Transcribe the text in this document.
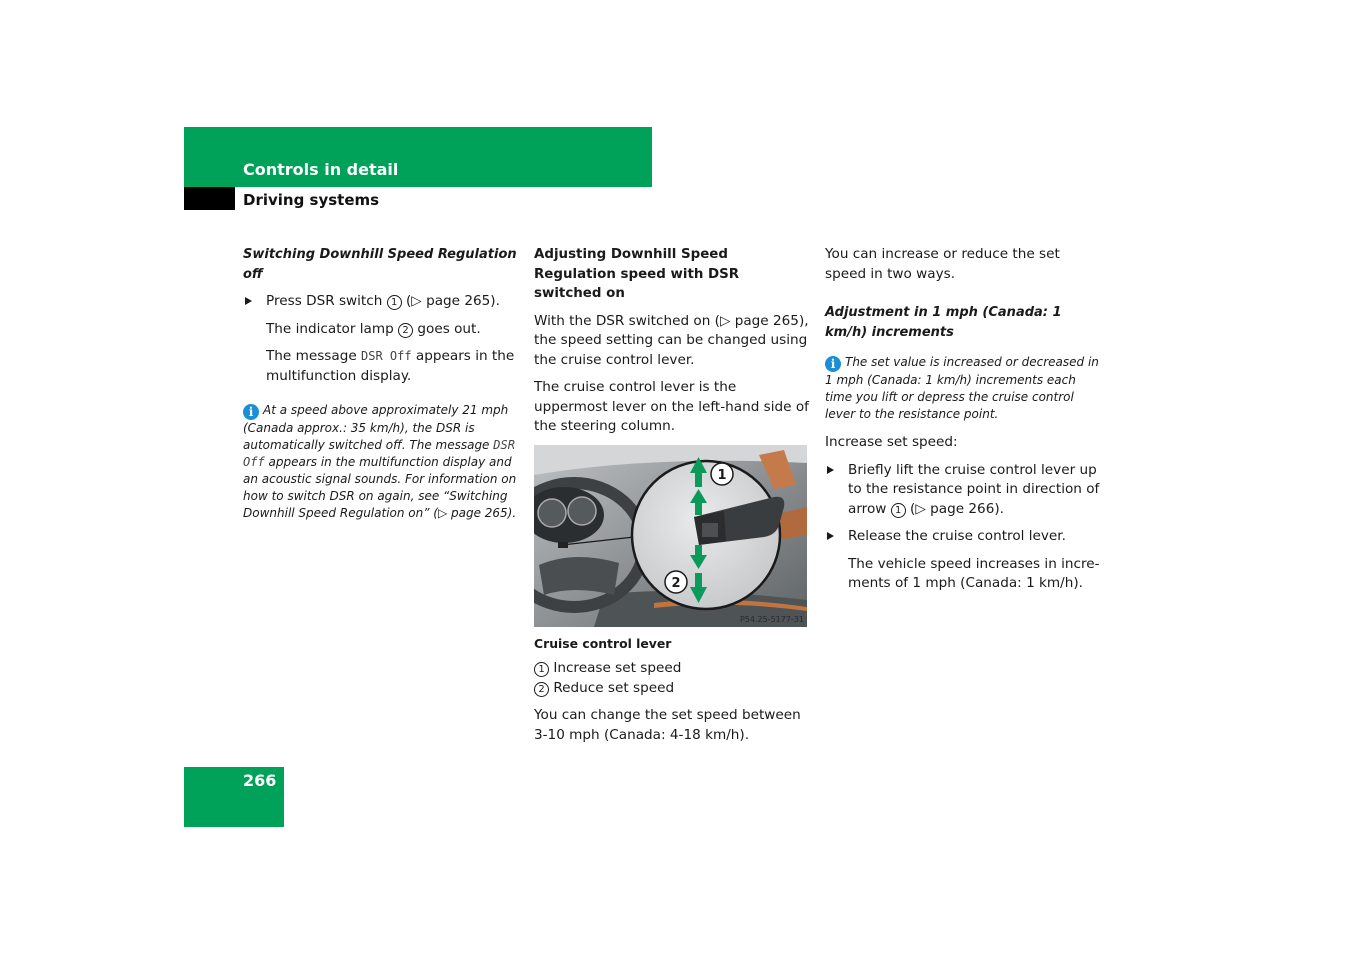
Controls in detail
Driving systems
Switching Downhill Speed Regulation off
Press DSR switch 1 (▷ page 265).
The indicator lamp 2 goes out.
The message DSR Off appears in the multifunction display.
i At a speed above approximately 21 mph (Canada approx.: 35 km/h), the DSR is automatically switched off. The message DSR Off appears in the multifunction display and an acoustic signal sounds. For information on how to switch DSR on again, see “Switching Downhill Speed Regulation on” (▷ page 265).
Adjusting Downhill Speed Regulation speed with DSR switched on

With the DSR switched on (▷ page 265), the speed setting can be changed using the cruise control lever.

The cruise control lever is the uppermost lever on the left-hand side of the steering column.

1
2
P54.25-5177-31
Cruise control lever
1 Increase set speed
2 Reduce set speed

You can change the set speed between 3-10 mph (Canada: 4-18 km/h).

You can increase or reduce the set speed in two ways.

Adjustment in 1 mph (Canada: 1 km/h) increments
i The set value is increased or decreased in 1 mph (Canada: 1 km/h) increments each time you lift or depress the cruise control lever to the resistance point.

Increase set speed:

Briefly lift the cruise control lever up to the resistance point in direction of arrow 1 (▷ page 266).
Release the cruise control lever.
The vehicle speed increases in increments of 1 mph (Canada: 1 km/h).
266
